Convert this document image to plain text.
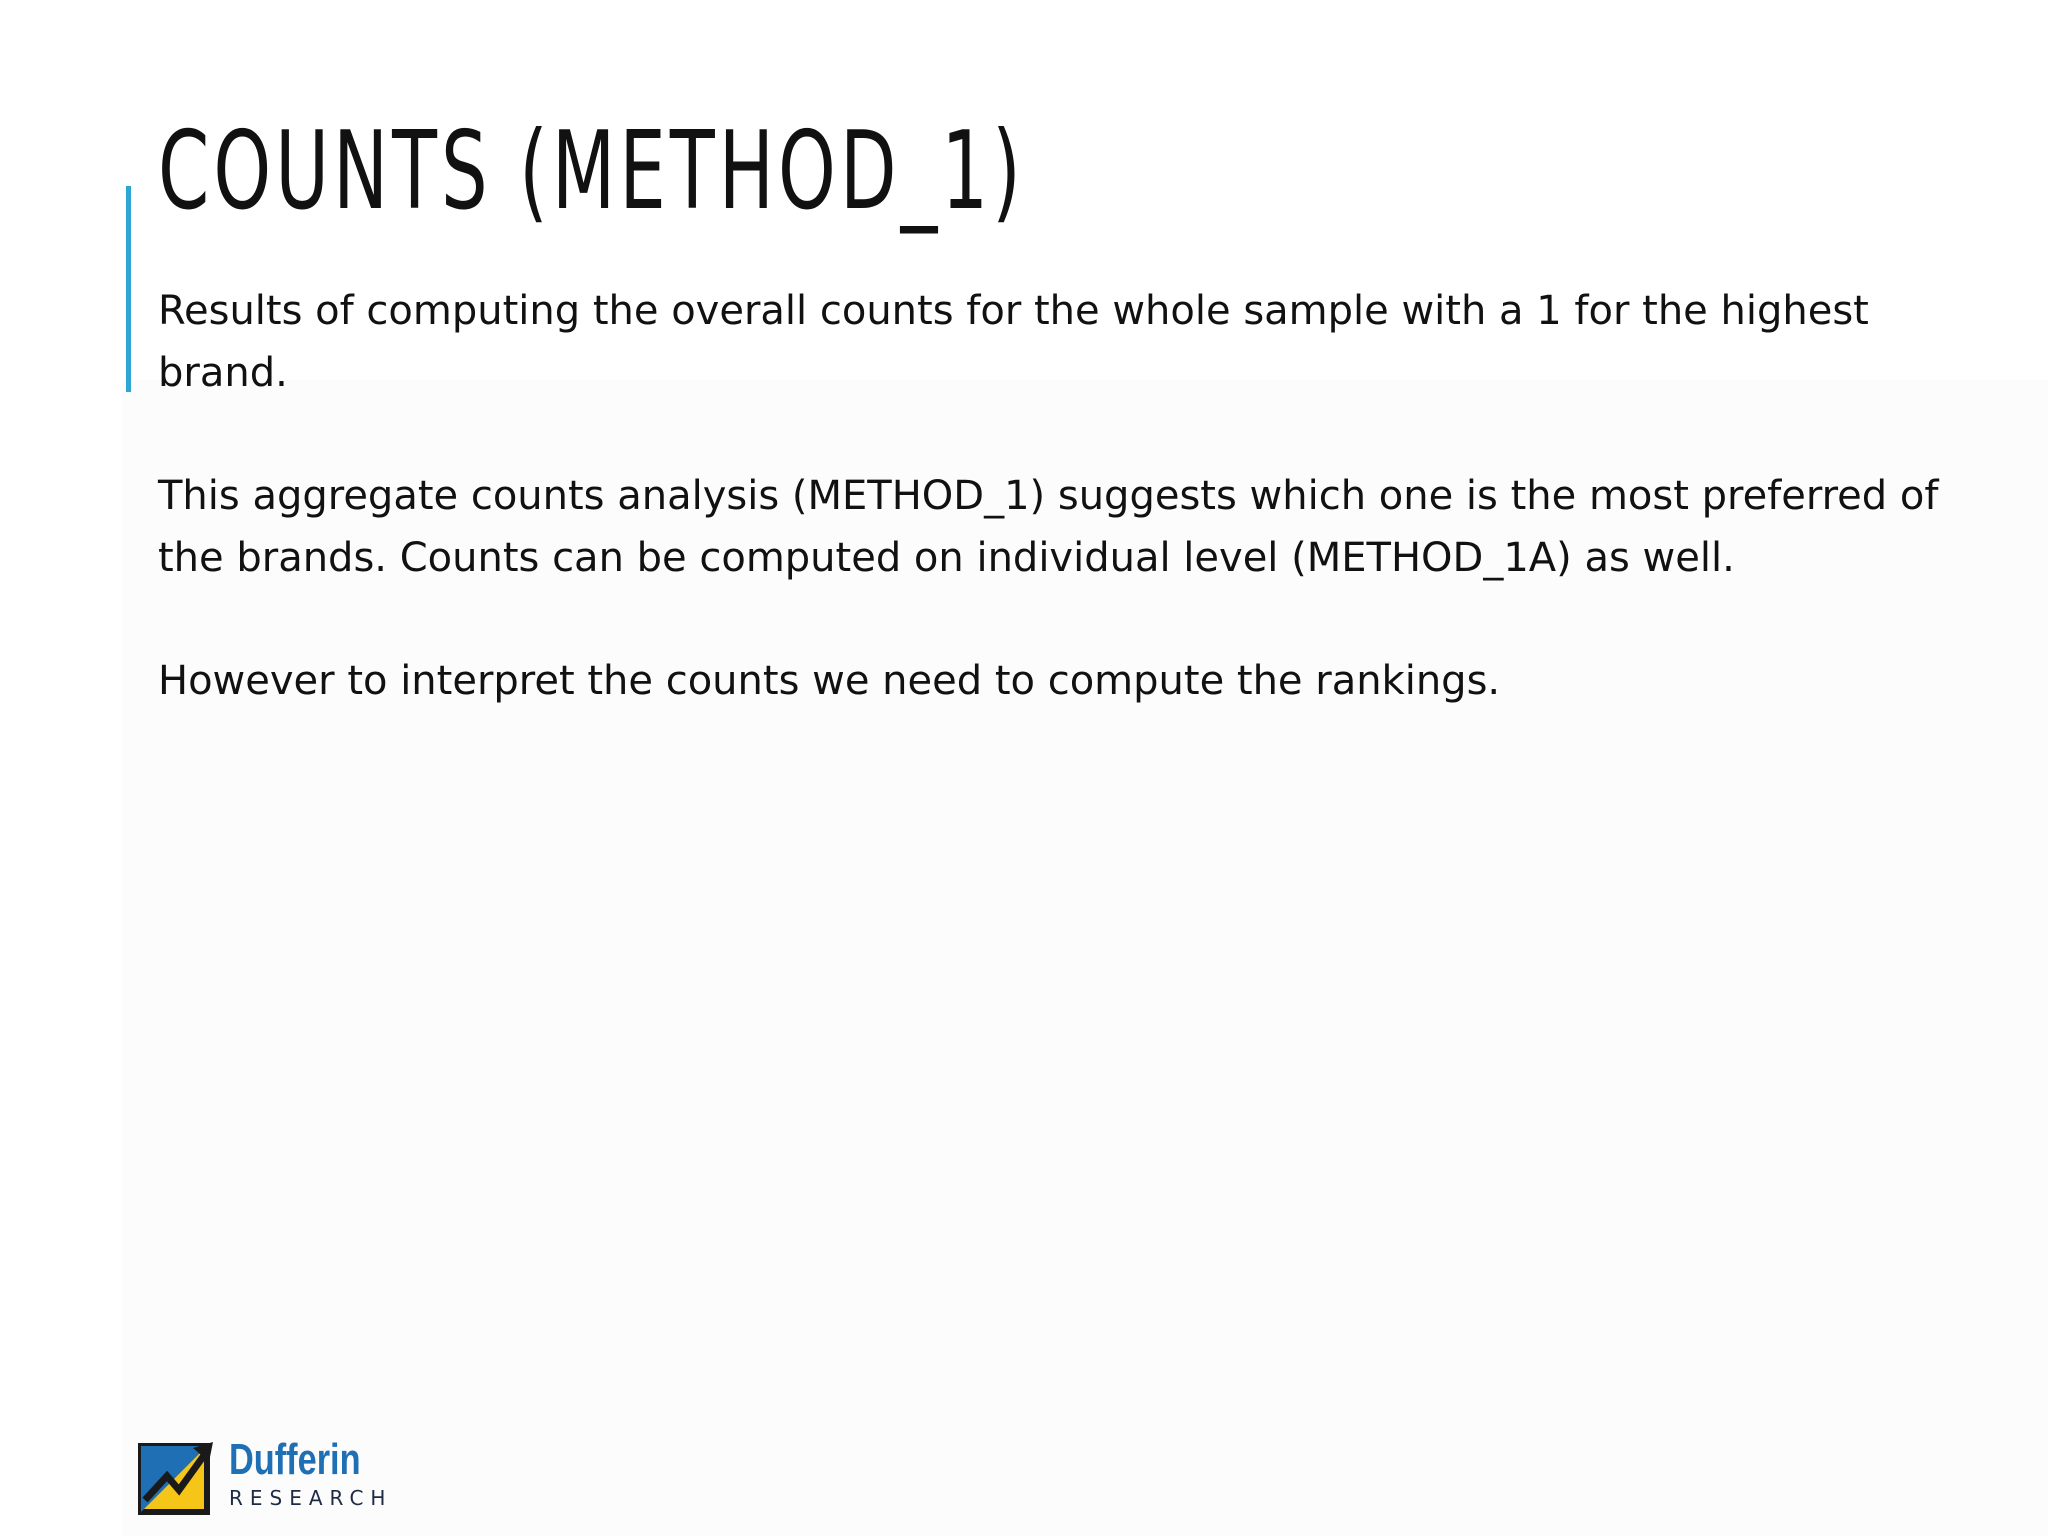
COUNTS (METHOD_1)

Results of computing the overall counts for the whole sample with a 1 for the highest brand.

This aggregate counts analysis (METHOD_1) suggests which one is the most preferred of the brands. Counts can be computed on individual level (METHOD_1A) as well.

However to interpret the counts we need to compute the rankings.

Dufferin
RESEARCH
